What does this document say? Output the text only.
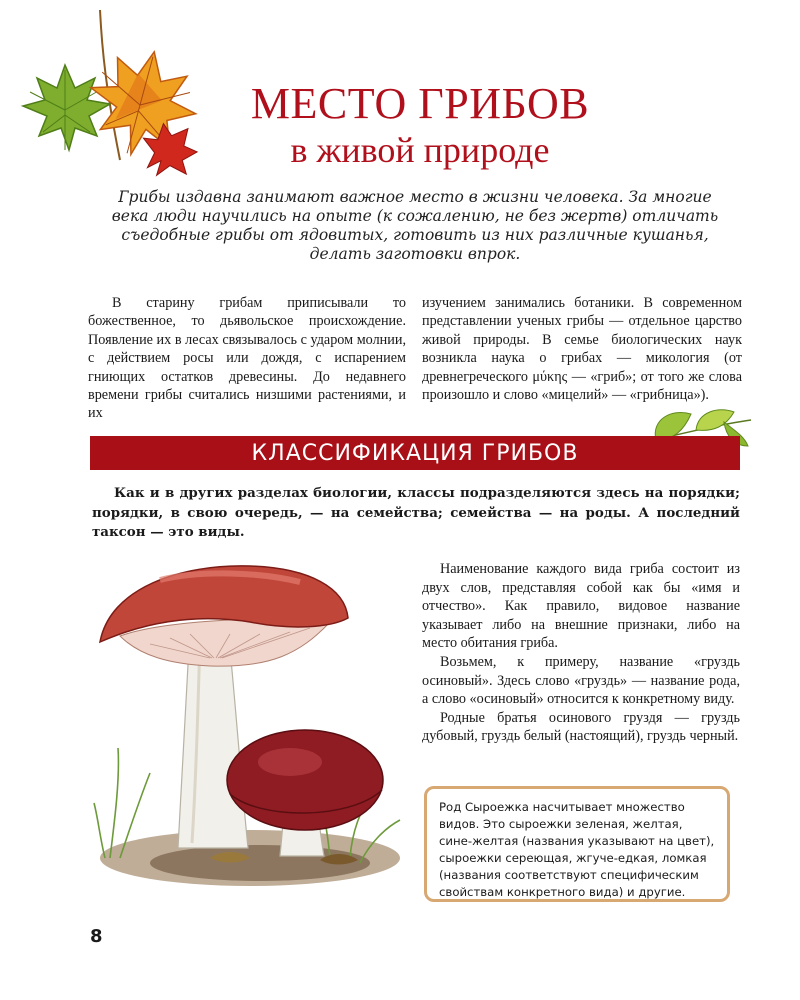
МЕСТО ГРИБОВ
в живой природе
Грибы издавна занимают важное место в жизни человека. За многие века люди научились на опыте (к сожалению, не без жертв) отличать съедобные грибы от ядовитых, готовить из них различные кушанья, делать заготовки впрок.

В старину грибам приписывали то божественное, то дьявольское происхождение. Появление их в лесах связывалось с ударом молнии, с действием росы или дождя, с испарением гниющих остатков древесины. До недавнего времени грибы считались низшими растениями, и их

изучением занимались ботаники. В современном представлении ученых грибы — отдельное царство живой природы. В семье биологических наук возникла наука о грибах — микология (от древнегреческого μύκης — «гриб»; от того же слова произошло и слово «мицелий» — «грибница»).

КЛАССИФИКАЦИЯ ГРИБОВ
Как и в других разделах биологии, классы подразделяются здесь на порядки; порядки, в свою очередь, — на семейства; семейства — на роды. А последний таксон — это виды.

Наименование каждого вида гриба состоит из двух слов, представляя собой как бы «имя и отчество». Как правило, видовое название указывает либо на внешние признаки, либо на место обитания гриба.

Возьмем, к примеру, название «груздь осиновый». Здесь слово «груздь» — название рода, а слово «осиновый» относится к конкретному виду.

Родные братья осинового груздя — груздь дубовый, груздь белый (настоящий), груздь черный.

Род Сыроежка насчитывает множество видов. Это сыроежки зеленая, желтая, сине-желтая (названия указывают на цвет), сыроежки сереющая, жгуче-едкая, ломкая (названия соответствуют специфическим свойствам конкретного вида) и другие.
8
